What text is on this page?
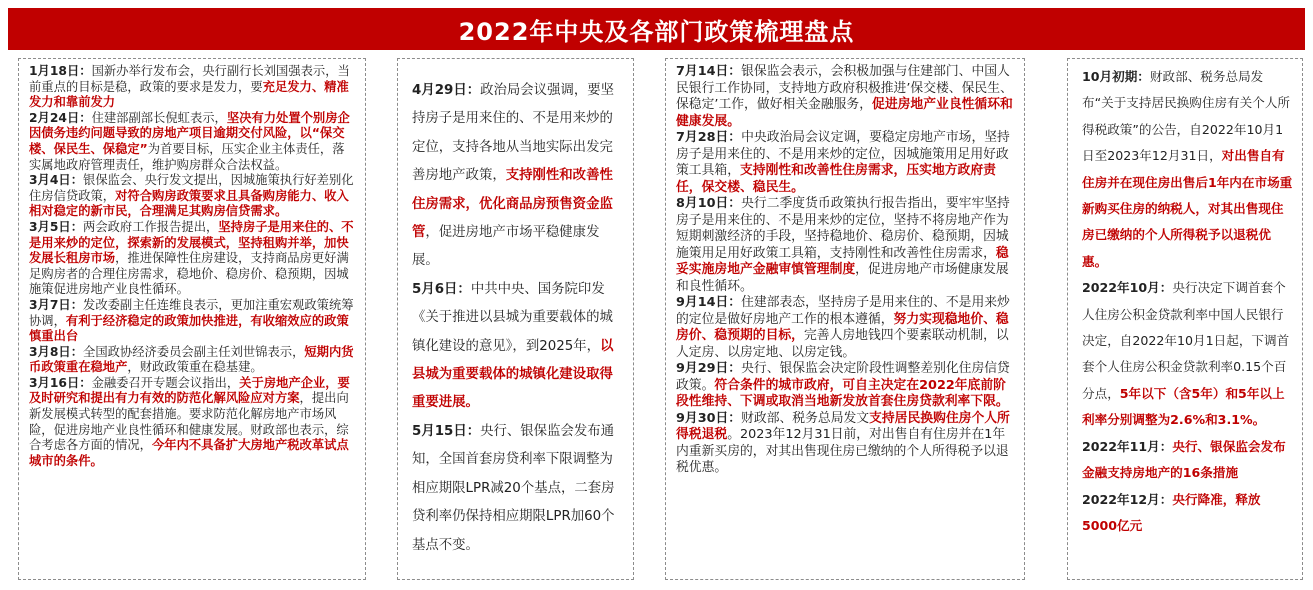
2022年中央及各部门政策梳理盘点

1月18日：国新办举行发布会，央行副行长刘国强表示，当前重点的目标是稳，政策的要求是发力，要充足发力、精准发力和靠前发力

2月24日：住建部副部长倪虹表示，坚决有力处置个别房企因债务违约问题导致的房地产项目逾期交付风险，以“保交楼、保民生、保稳定”为首要目标，压实企业主体责任，落实属地政府管理责任，维护购房群众合法权益。

3月4日：银保监会、央行发文提出，因城施策执行好差别化住房信贷政策，对符合购房政策要求且具备购房能力、收入相对稳定的新市民，合理满足其购房信贷需求。

3月5日：两会政府工作报告提出，坚持房子是用来住的、不是用来炒的定位，探索新的发展模式，坚持租购并举，加快发展长租房市场，推进保障性住房建设，支持商品房更好满足购房者的合理住房需求，稳地价、稳房价、稳预期，因城施策促进房地产业良性循环。

3月7日：发改委副主任连维良表示，更加注重宏观政策统筹协调，有利于经济稳定的政策加快推进，有收缩效应的政策慎重出台

3月8日：全国政协经济委员会副主任刘世锦表示，短期内货币政策重在稳地产，财政政策重在稳基建。

3月16日：金融委召开专题会议指出，关于房地产企业，要及时研究和提出有力有效的防范化解风险应对方案，提出向新发展模式转型的配套措施。要求防范化解房地产市场风险，促进房地产业良性循环和健康发展。财政部也表示，综合考虑各方面的情况，今年内不具备扩大房地产税改革试点城市的条件。

4月29日：政治局会议强调，要坚持房子是用来住的、不是用来炒的定位，支持各地从当地实际出发完善房地产政策，支持刚性和改善性住房需求，优化商品房预售资金监管，促进房地产市场平稳健康发展。

5月6日：中共中央、国务院印发《关于推进以县城为重要载体的城镇化建设的意见》，到2025年，以县城为重要载体的城镇化建设取得重要进展。

5月15日：央行、银保监会发布通知，全国首套房贷利率下限调整为相应期限LPR减20个基点，二套房贷利率仍保持相应期限LPR加60个基点不变。

7月14日：银保监会表示，会积极加强与住建部门、中国人民银行工作协同，支持地方政府积极推进’保交楼、保民生、保稳定’工作，做好相关金融服务，促进房地产业良性循环和健康发展。

7月28日：中央政治局会议定调，要稳定房地产市场，坚持房子是用来住的、不是用来炒的定位，因城施策用足用好政策工具箱，支持刚性和改善性住房需求，压实地方政府责任，保交楼、稳民生。

8月10日：央行二季度货币政策执行报告指出，要牢牢坚持房子是用来住的、不是用来炒的定位，坚持不将房地产作为短期刺激经济的手段，坚持稳地价、稳房价、稳预期，因城施策用足用好政策工具箱，支持刚性和改善性住房需求，稳妥实施房地产金融审慎管理制度，促进房地产市场健康发展和良性循环。

9月14日：住建部表态，坚持房子是用来住的、不是用来炒的定位是做好房地产工作的根本遵循，努力实现稳地价、稳房价、稳预期的目标，完善人房地钱四个要素联动机制，以人定房、以房定地、以房定钱。

9月29日：央行、银保监会决定阶段性调整差别化住房信贷政策。符合条件的城市政府，可自主决定在2022年底前阶段性维持、下调或取消当地新发放首套住房贷款利率下限。

9月30日：财政部、税务总局发文支持居民换购住房个人所得税退税。2023年12月31日前，对出售自有住房并在1年内重新买房的，对其出售现住房已缴纳的个人所得税予以退税优惠。

10月初期：财政部、税务总局发布“关于支持居民换购住房有关个人所得税政策”的公告，自2022年10月1日至2023年12月31日，对出售自有住房并在现住房出售后1年内在市场重新购买住房的纳税人，对其出售现住房已缴纳的个人所得税予以退税优惠。

2022年10月：央行决定下调首套个人住房公积金贷款利率中国人民银行决定，自2022年10月1日起，下调首套个人住房公积金贷款利率0.15个百分点，5年以下（含5年）和5年以上利率分别调整为2.6%和3.1%。

2022年11月：央行、银保监会发布金融支持房地产的16条措施

2022年12月：央行降准，释放5000亿元
